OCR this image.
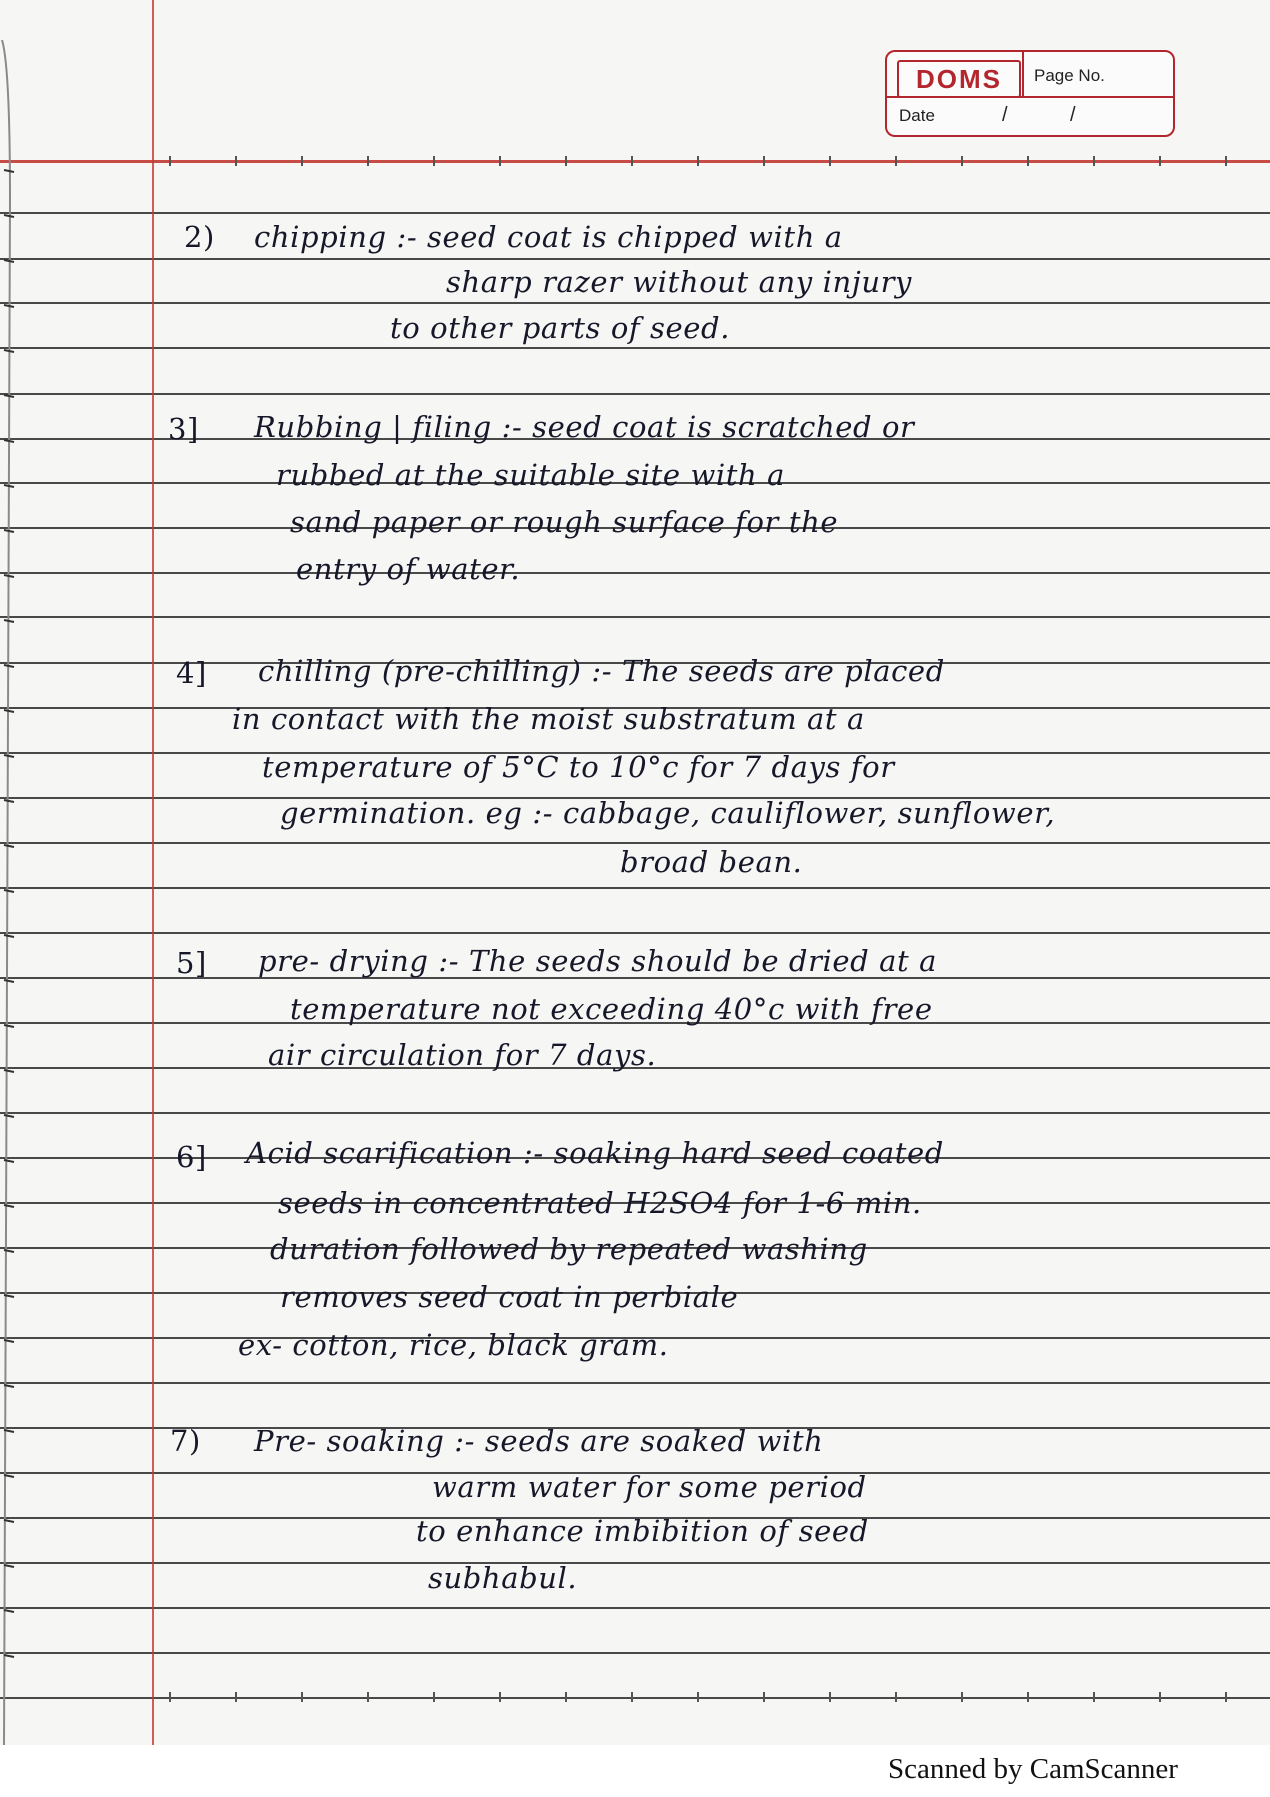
DOMS	Page No.
Date	/	/
2) chipping :- seed coat is chipped with a
sharp razer without any injury
to other parts of seed.
3] Rubbing | filing :- seed coat is scratched or
rubbed at the suitable site with a
sand paper or rough surface for the
entry of water.
4] chilling (pre-chilling) :- The seeds are placed
in contact with the moist substratum at a
temperature of 5°C to 10°c for 7 days for
germination. eg :- cabbage, cauliflower, sunflower,
broad bean.
5] pre- drying :- The seeds should be dried at a
temperature not exceeding 40°c with free
air circulation for 7 days.
6] Acid scarification :- soaking hard seed coated
seeds in concentrated H2SO4 for 1-6 min.
duration followed by repeated washing
removes seed coat in perbiale
ex- cotton, rice, black gram.
7) Pre- soaking :- seeds are soaked with
warm water for some period
to enhance imbibition of seed
subhabul.
Scanned by CamScanner
